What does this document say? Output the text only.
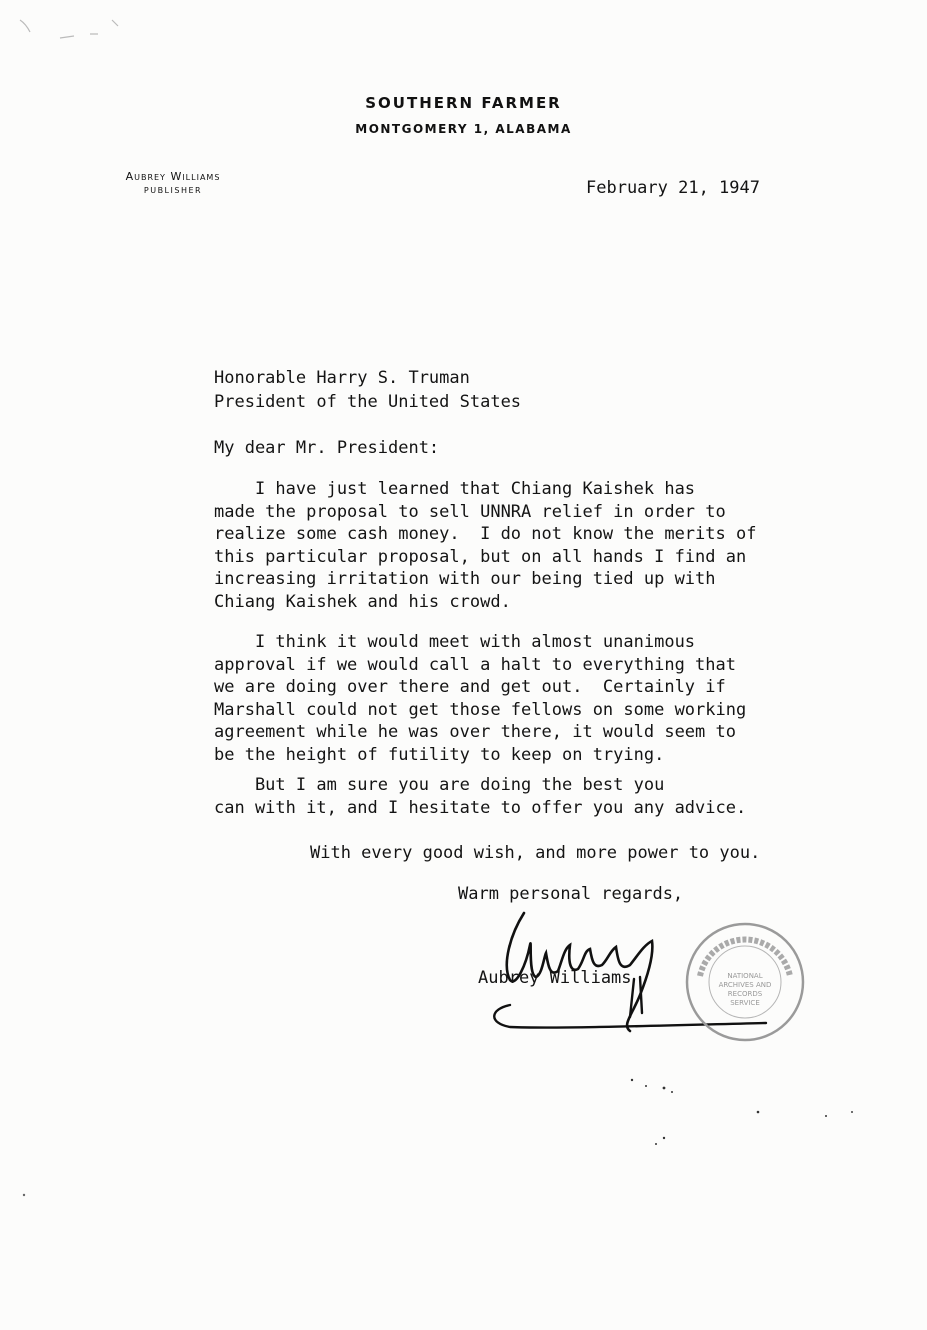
SOUTHERN FARMER
MONTGOMERY 1, ALABAMA
Aubrey Williams
PUBLISHER	February 21, 1947
Honorable Harry S. Truman
President of the United States
My dear Mr. President:
I have just learned that Chiang Kaishek has
made the proposal to sell UNNRA relief in order to
realize some cash money.  I do not know the merits of
this particular proposal, but on all hands I find an
increasing irritation with our being tied up with
Chiang Kaishek and his crowd.
I think it would meet with almost unanimous
approval if we would call a halt to everything that
we are doing over there and get out.  Certainly if
Marshall could not get those fellows on some working
agreement while he was over there, it would seem to
be the height of futility to keep on trying.
But I am sure you are doing the best you
can with it, and I hesitate to offer you any advice.
With every good wish, and more power to you.
Warm personal regards,
Aubrey Williams	NATIONAL
ARCHIVES AND
RECORDS
SERVICE
